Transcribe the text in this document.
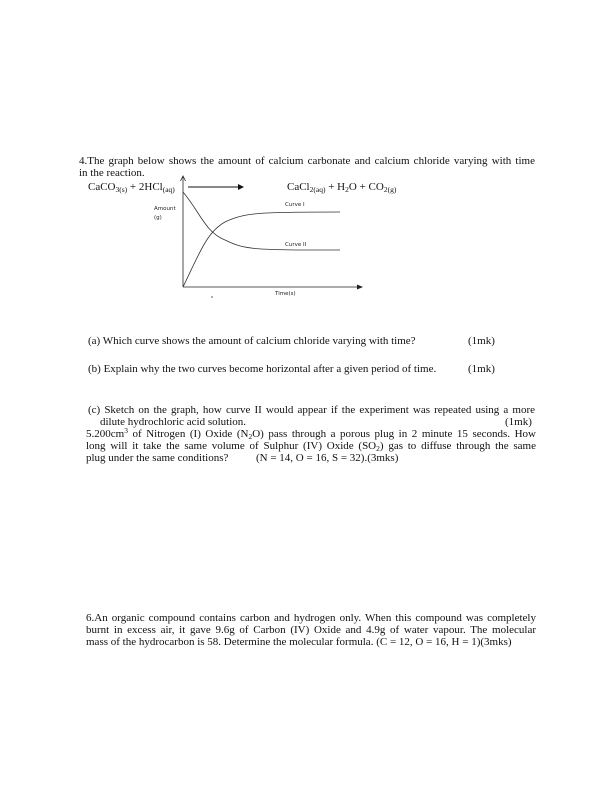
4.The graph below shows the amount of calcium carbonate and calcium chloride varying with time
in the reaction.
CaCO$_{3(s)}$ + 2HCl$_{(aq)}$ →	CaCl$_{2(aq)}$ + $H_2O + CO_{2(g)}$
Amount
(g)
Curve I
Curve II
Time(s)
(a) Which curve shows the amount of calcium chloride varying with time?	(1mk)
(b) Explain why the two curves become horizontal after a given period of time.	(1mk)
(c) Sketch on the graph, how curve II would appear if the experiment was repeated using a more
dilute hydrochloric acid solution.	(1mk)
$5.200cm^3$ of Nitrogen (I) Oxide $(N_2O)$ pass through a porous plug in 2 minute 15 seconds. How
long will it take the same volume of Sulphur (IV) Oxide $(SO_2)$ gas to diffuse through the same
plug under the same conditions?	(N = 14, O = 16, S = 32).(3mks)
6.An organic compound contains carbon and hydrogen only. When this compound was completely
burnt in excess air, it gave 9.6g of Carbon (IV) Oxide and 4.9g of water vapour. The molecular
mass of the hydrocarbon is 58. Determine the molecular formula. (C = 12, O = 16, H = 1)(3mks)
